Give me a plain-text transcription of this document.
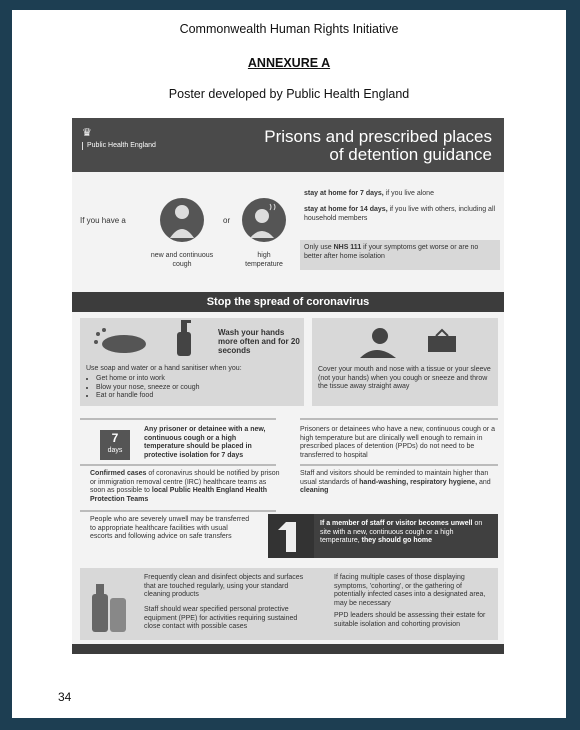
Commonwealth Human Rights Initiative
ANNEXURE A
Poster developed by Public Health England
♛
Public Health England	Prisons and prescribed places
of detention guidance
If you have a	or
new and continuous cough
high temperature
stay at home for 7 days, if you live alone
stay at home for 14 days, if you live with others, including all household members
Only use NHS 111 if your symptoms get worse or are no better after home isolation
Stop the spread of coronavirus
Wash your hands more often and for 20 seconds
Use soap and water or a hand sanitiser when you:
• Get home or into work
• Blow your nose, sneeze or cough
• Eat or handle food
Cover your mouth and nose with a tissue or your sleeve (not your hands) when you cough or sneeze and throw the tissue away straight away
7
days
Any prisoner or detainee with a new, continuous cough or a high temperature should be placed in protective isolation for 7 days
Prisoners or detainees who have a new, continuous cough or a high temperature but are clinically well enough to remain in prescribed places of detention (PPDs) do not need to be transferred to hospital
Confirmed cases of coronavirus should be notified by prison or immigration removal centre (IRC) healthcare teams as soon as possible to local Public Health England Health Protection Teams
Staff and visitors should be reminded to maintain higher than usual standards of hand-washing, respiratory hygiene, and cleaning
People who are severely unwell may be transferred to appropriate healthcare facilities with usual escorts and following advice on safe transfers
If a member of staff or visitor becomes unwell on site with a new, continuous cough or a high temperature, they should go home
Frequently clean and disinfect objects and surfaces that are touched regularly, using your standard cleaning products
Staff should wear specified personal protective equipment (PPE) for activities requiring sustained close contact with possible cases
If facing multiple cases of those displaying symptoms, 'cohorting', or the gathering of potentially infected cases into a designated area, may be necessary
PPD leaders should be assessing their estate for suitable isolation and cohorting provision
34
